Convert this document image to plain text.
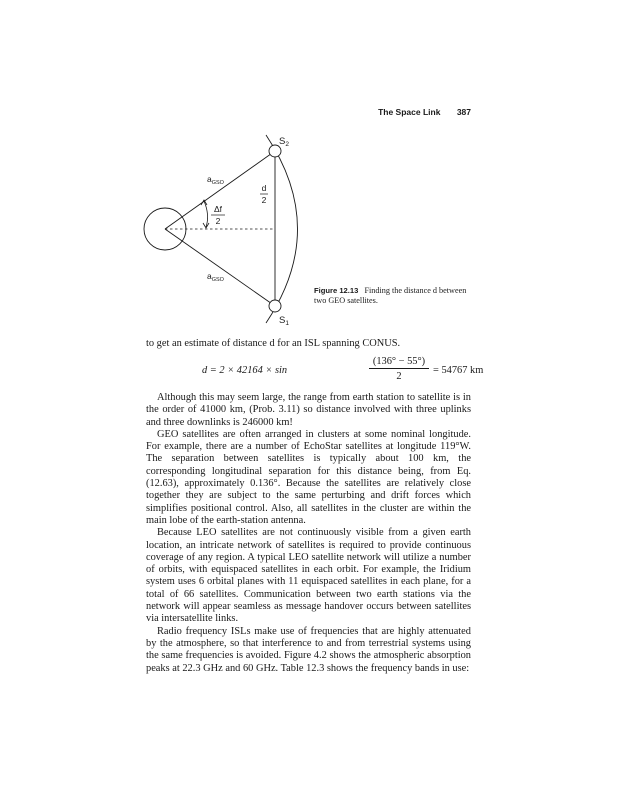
The Space Link 387
$S_2$
$S_1$
$a_{GSO}$
$a_{GSO}$
d
2
Δf
2
Figure 12.13 Finding the distance d between two GEO satellites.
to get an estimate of distance d for an ISL spanning CONUS.
d = 2 × 42164 × sin	$\frac{(136^\circ - 55^\circ)}{2} = 54767$ km

Although this may seem large, the range from earth station to satellite is in the order of 41000 km, (Prob. 3.11) so distance involved with three uplinks and three downlinks is 246000 km!

GEO satellites are often arranged in clusters at some nominal longitude. For example, there are a number of EchoStar satellites at longitude 119°W. The separation between satellites is typically about 100 km, the corresponding longitudinal separation for this distance being, from Eq. (12.63), approximately 0.136°. Because the satellites are relatively close together they are subject to the same perturbing and drift forces which simplifies positional control. Also, all satellites in the cluster are within the main lobe of the earth-station antenna.

Because LEO satellites are not continuously visible from a given earth location, an intricate network of satellites is required to provide continuous coverage of any region. A typical LEO satellite network will utilize a number of orbits, with equispaced satellites in each orbit. For example, the Iridium system uses 6 orbital planes with 11 equispaced satellites in each plane, for a total of 66 satellites. Communication between two earth stations via the network will appear seamless as message handover occurs between satellites via intersatellite links.

Radio frequency ISLs make use of frequencies that are highly attenuated by the atmosphere, so that interference to and from terrestrial systems using the same frequencies is avoided. Figure 4.2 shows the atmospheric absorption peaks at 22.3 GHz and 60 GHz. Table 12.3 shows the frequency bands in use:
